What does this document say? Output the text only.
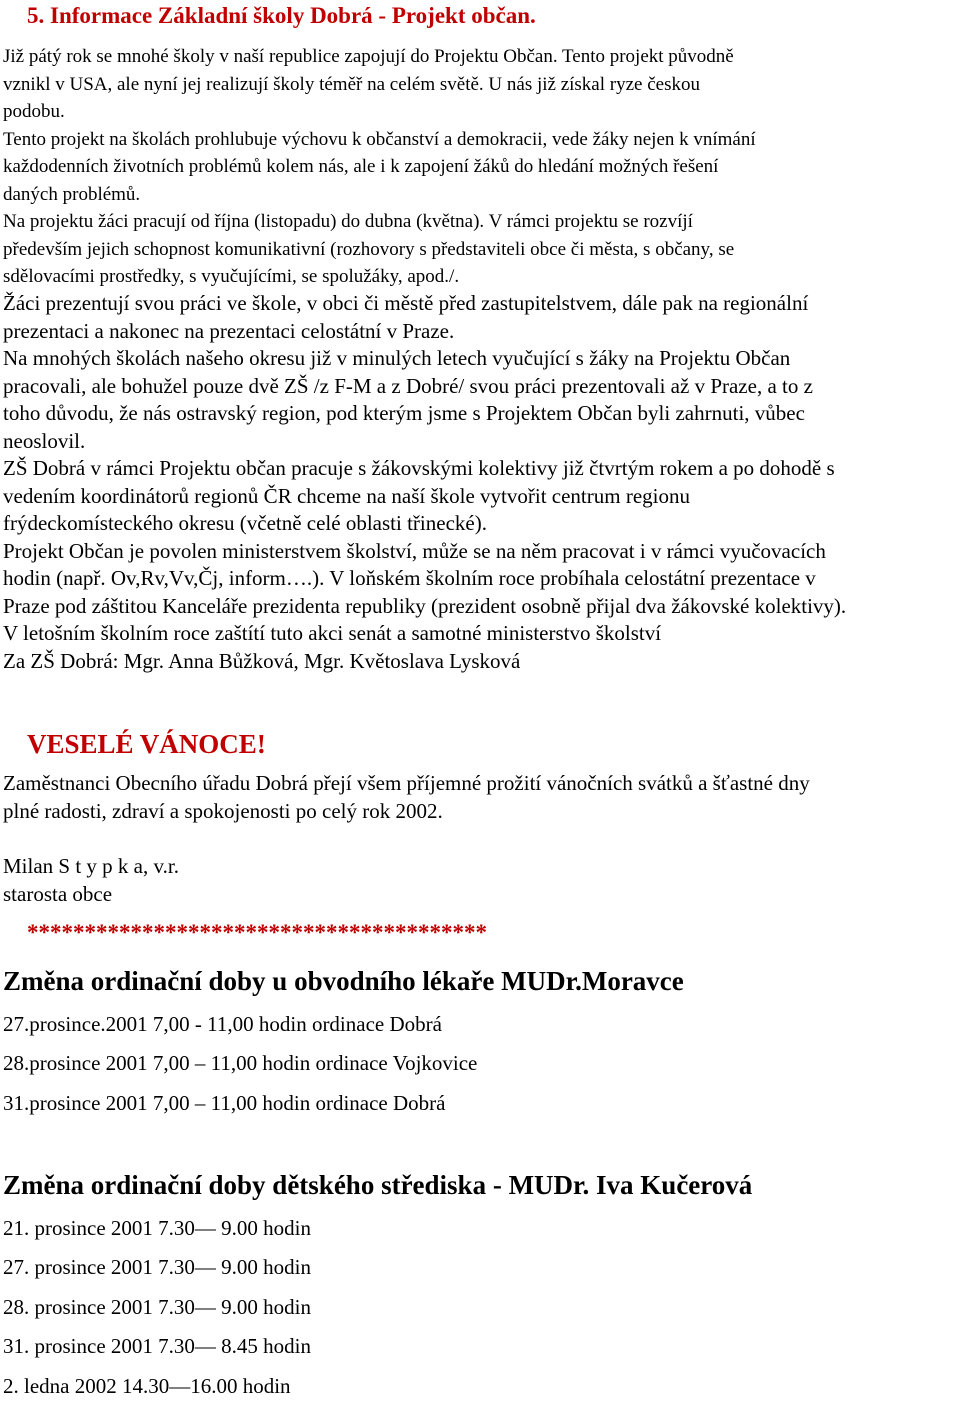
5. Informace Základní školy Dobrá - Projekt občan.
Již pátý rok se mnohé školy v naší republice zapojují do Projektu Občan. Tento projekt původně
vznikl v USA, ale nyní jej realizují školy téměř na celém světě. U nás již získal ryze českou
podobu.
Tento projekt na školách prohlubuje výchovu k občanství a demokracii, vede žáky nejen k vnímání
každodenních životních problémů kolem nás, ale i k zapojení žáků do hledání možných řešení
daných problémů.
Na projektu žáci pracují od října (listopadu) do dubna (května). V rámci projektu se rozvíjí
především jejich schopnost komunikativní (rozhovory s představiteli obce či města, s občany, se
sdělovacími prostředky, s vyučujícími, se spolužáky, apod./.
Žáci prezentují svou práci ve škole, v obci či městě před zastupitelstvem, dále pak na regionální
prezentaci a nakonec na prezentaci celostátní v Praze.
Na mnohých školách našeho okresu již v minulých letech vyučující s žáky na Projektu Občan
pracovali, ale bohužel pouze dvě ZŠ /z F-M a z Dobré/ svou práci prezentovali až v Praze, a to z
toho důvodu, že nás ostravský region, pod kterým jsme s Projektem Občan byli zahrnuti, vůbec
neoslovil.
ZŠ Dobrá v rámci Projektu občan pracuje s žákovskými kolektivy již čtvrtým rokem a po dohodě s
vedením koordinátorů regionů ČR chceme na naší škole vytvořit centrum regionu
frýdeckomísteckého okresu (včetně celé oblasti třinecké).
Projekt Občan je povolen ministerstvem školství, může se na něm pracovat i v rámci vyučovacích
hodin (např. Ov,Rv,Vv,Čj, inform….). V loňském školním roce probíhala celostátní prezentace v
Praze pod záštitou Kanceláře prezidenta republiky (prezident osobně přijal dva žákovské kolektivy).
V letošním školním roce zaštítí tuto akci senát a samotné ministerstvo školství
Za ZŠ Dobrá: Mgr. Anna Bůžková, Mgr. Květoslava Lysková
VESELÉ VÁNOCE!
Zaměstnanci Obecního úřadu Dobrá přejí všem příjemné prožití vánočních svátků a šťastné dny
plné radosti, zdraví a spokojenosti po celý rok 2002.
Milan S t y p k a, v.r.
starosta obce
****************************************
Změna ordinační doby u obvodního lékaře MUDr.Moravce
27.prosince.2001 7,00 - 11,00 hodin ordinace Dobrá
28.prosince 2001 7,00 – 11,00 hodin ordinace Vojkovice
31.prosince 2001 7,00 – 11,00 hodin ordinace Dobrá
Změna ordinační doby dětského střediska - MUDr. Iva Kučerová
21. prosince 2001 7.30— 9.00 hodin
27. prosince 2001 7.30— 9.00 hodin
28. prosince 2001 7.30— 9.00 hodin
31. prosince 2001 7.30— 8.45 hodin
2. ledna 2002 14.30—16.00 hodin
